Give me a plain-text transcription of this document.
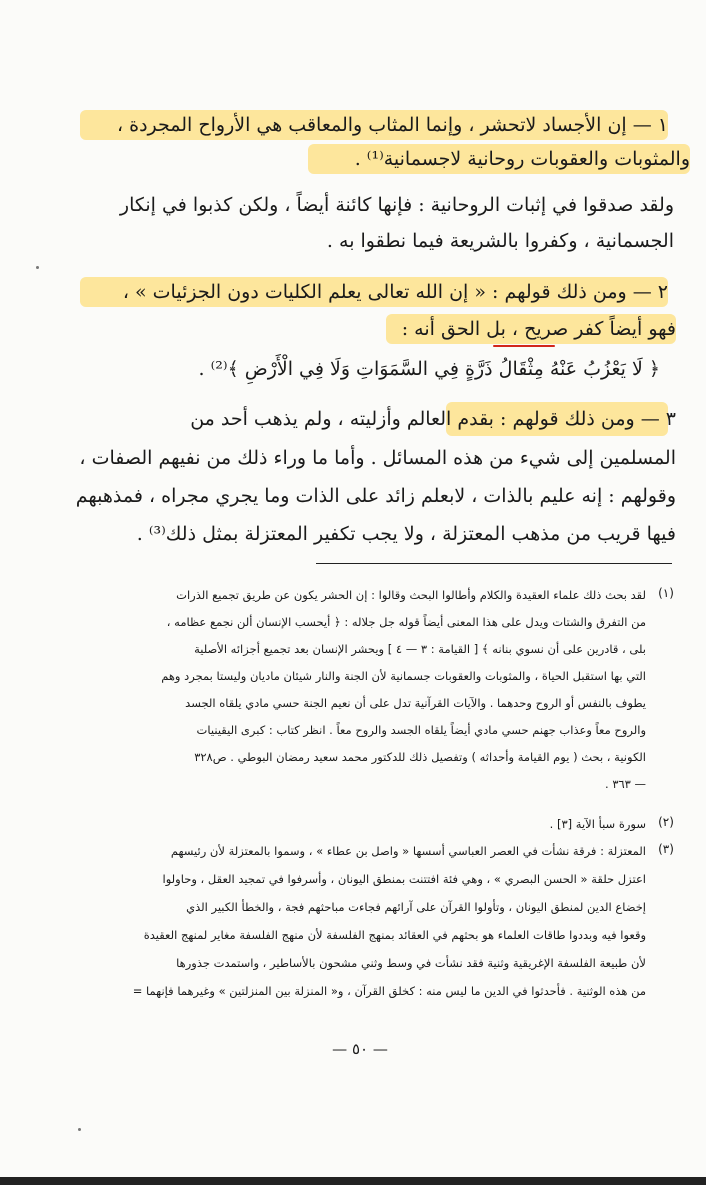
١ — إن الأجساد لاتحشر ، وإنما المثاب والمعاقب هي الأرواح المجردة ،
والمثوبات والعقوبات روحانية لاجسمانية⁽¹⁾ .
ولقد صدقوا في إثبات الروحانية : فإنها كائنة أيضاً ، ولكن كذبوا في إنكار
الجسمانية ، وكفروا بالشريعة فيما نطقوا به .
٢ — ومن ذلك قولهم : « إن الله تعالى يعلم الكليات دون الجزئيات » ،
فهو أيضاً كفر صريح ، بل الحق أنه :
﴿ لَا يَعْزُبُ عَنْهُ مِثْقَالُ ذَرَّةٍ فِي السَّمَوَاتِ وَلَا فِي الْأَرْضِ ﴾⁽²⁾ .
٣ — ومن ذلك قولهم : بقدم العالم وأزليته ، ولم يذهب أحد من
المسلمين إلى شيء من هذه المسائل . وأما ما وراء ذلك من نفيهم الصفات ،
وقولهم : إنه عليم بالذات ، لابعلم زائد على الذات وما يجري مجراه ، فمذهبهم
فيها قريب من مذهب المعتزلة ، ولا يجب تكفير المعتزلة بمثل ذلك⁽³⁾ .
(١)
لقد بحث ذلك علماء العقيدة والكلام وأطالوا البحث وقالوا : إن الحشر يكون عن طريق تجميع الذرات
من التفرق والشتات ويدل على هذا المعنى أيضاً قوله جل جلاله : ﴿ أيحسب الإنسان ألن نجمع عظامه ،
بلى ، قادرين على أن نسوي بنانه ﴾ [ القيامة : ٣ — ٤ ] ويحشر الإنسان بعد تجميع أجزائه الأصلية
التي بها استقبل الحياة ، والمثوبات والعقوبات جسمانية لأن الجنة والنار شيئان ماديان وليستا بمجرد وهم
يطوف بالنفس أو الروح وحدهما . والآيات القرآنية تدل على أن نعيم الجنة حسي مادي يلقاه الجسد
والروح معاً وعذاب جهنم حسي مادي أيضاً يلقاه الجسد والروح معاً . انظر كتاب : كبرى اليقينيات
الكونية ، بحث ( يوم القيامة وأحداثه ) وتفصيل ذلك للدكتور محمد سعيد رمضان البوطي . ص٣٢٨
— ٣٦٣ .
(٢)
سورة سبأ الآية [٣] .
(٣)
المعتزلة : فرقة نشأت في العصر العباسي أسسها « واصل بن عطاء » ، وسموا بالمعتزلة لأن رئيسهم
اعتزل حلقة « الحسن البصري » ، وهي فئة افتتنت بمنطق اليونان ، وأسرفوا في تمجيد العقل ، وحاولوا
إخضاع الدين لمنطق اليونان ، وتأولوا القرآن على آرائهم فجاءت مباحثهم فجة ، والخطأ الكبير الذي
وقعوا فيه وبددوا طاقات العلماء هو بحثهم في العقائد بمنهج الفلسفة لأن منهج الفلسفة مغاير لمنهج العقيدة
لأن طبيعة الفلسفة الإغريقية وثنية فقد نشأت في وسط وثني مشحون بالأساطير ، واستمدت جذورها
من هذه الوثنية . فأحدثوا في الدين ما ليس منه : كخلق القرآن ، و« المنزلة بين المنزلتين » وغيرهما فإنهما =
— ٥٠ —
